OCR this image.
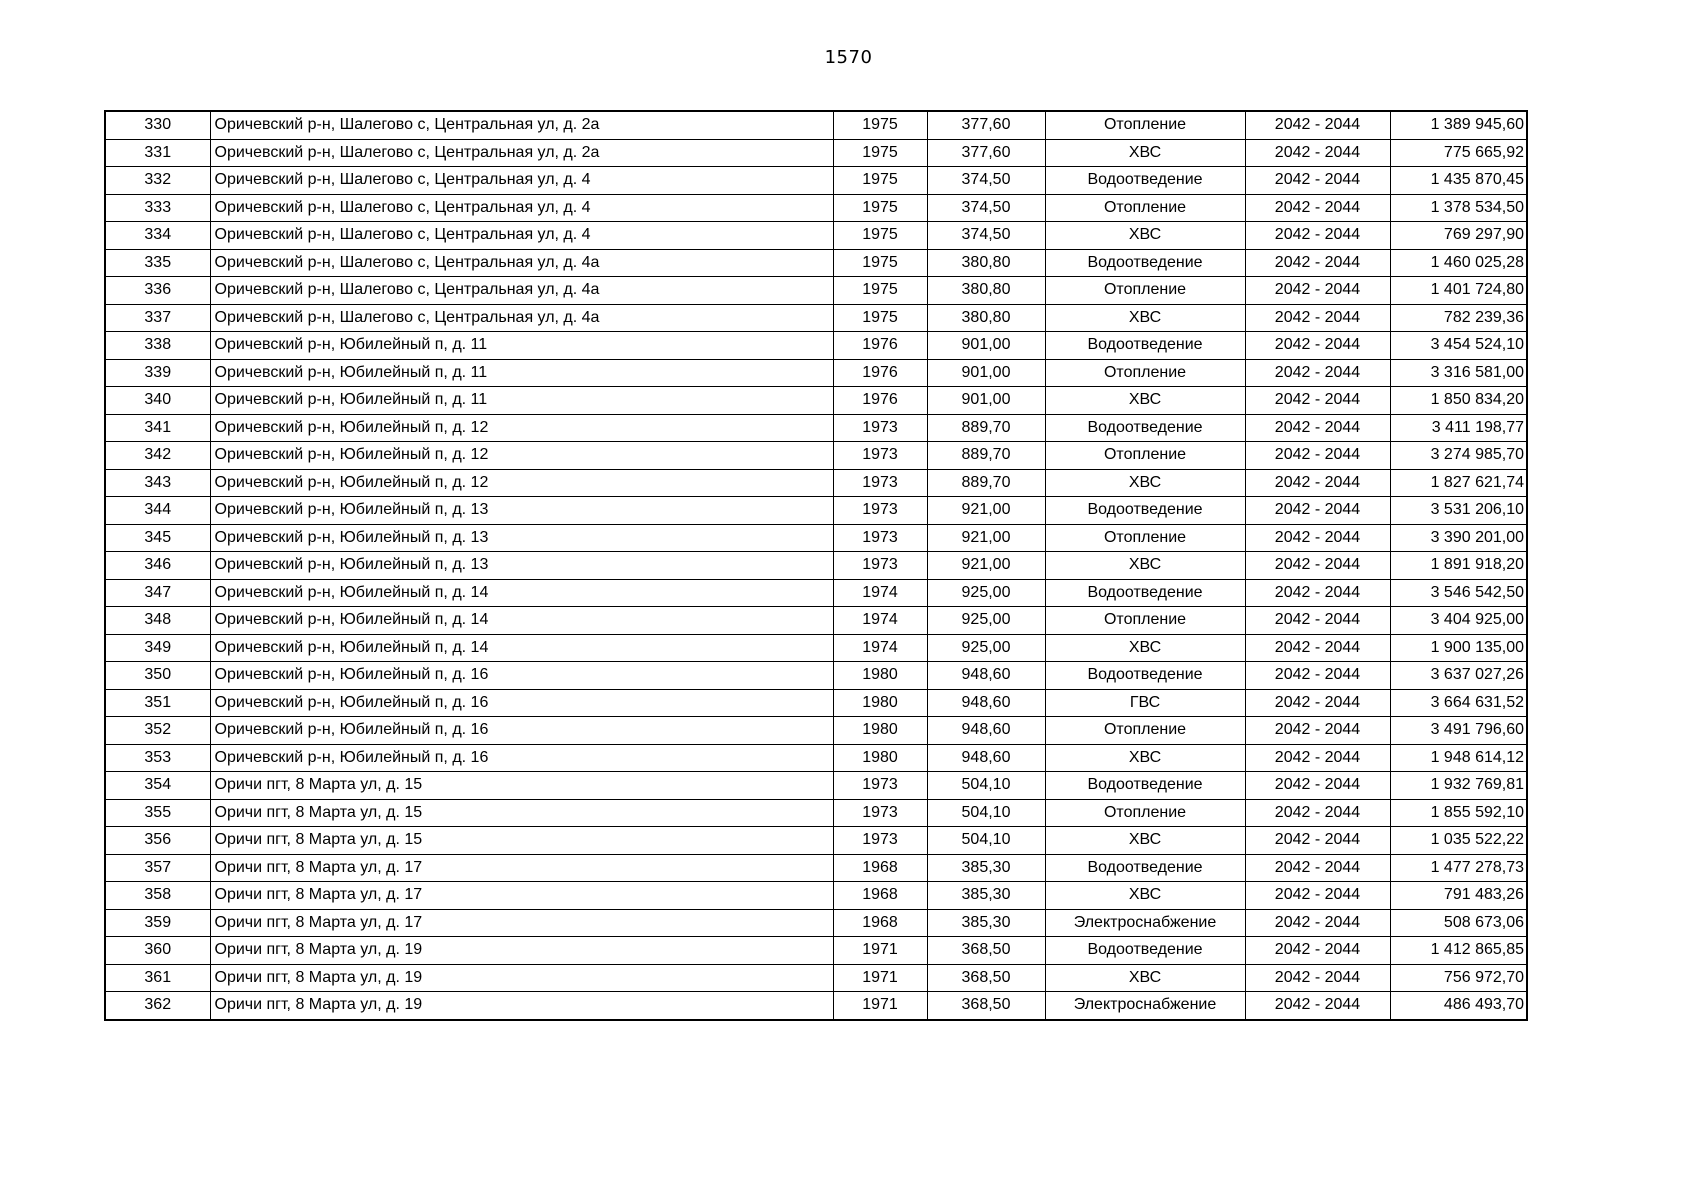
1570
330	Оричевский р-н, Шалегово с, Центральная ул, д. 2а	1975	377,60	Отопление	2042 - 2044	1 389 945,60
331	Оричевский р-н, Шалегово с, Центральная ул, д. 2а	1975	377,60	ХВС	2042 - 2044	775 665,92
332	Оричевский р-н, Шалегово с, Центральная ул, д. 4	1975	374,50	Водоотведение	2042 - 2044	1 435 870,45
333	Оричевский р-н, Шалегово с, Центральная ул, д. 4	1975	374,50	Отопление	2042 - 2044	1 378 534,50
334	Оричевский р-н, Шалегово с, Центральная ул, д. 4	1975	374,50	ХВС	2042 - 2044	769 297,90
335	Оричевский р-н, Шалегово с, Центральная ул, д. 4а	1975	380,80	Водоотведение	2042 - 2044	1 460 025,28
336	Оричевский р-н, Шалегово с, Центральная ул, д. 4а	1975	380,80	Отопление	2042 - 2044	1 401 724,80
337	Оричевский р-н, Шалегово с, Центральная ул, д. 4а	1975	380,80	ХВС	2042 - 2044	782 239,36
338	Оричевский р-н, Юбилейный п, д. 11	1976	901,00	Водоотведение	2042 - 2044	3 454 524,10
339	Оричевский р-н, Юбилейный п, д. 11	1976	901,00	Отопление	2042 - 2044	3 316 581,00
340	Оричевский р-н, Юбилейный п, д. 11	1976	901,00	ХВС	2042 - 2044	1 850 834,20
341	Оричевский р-н, Юбилейный п, д. 12	1973	889,70	Водоотведение	2042 - 2044	3 411 198,77
342	Оричевский р-н, Юбилейный п, д. 12	1973	889,70	Отопление	2042 - 2044	3 274 985,70
343	Оричевский р-н, Юбилейный п, д. 12	1973	889,70	ХВС	2042 - 2044	1 827 621,74
344	Оричевский р-н, Юбилейный п, д. 13	1973	921,00	Водоотведение	2042 - 2044	3 531 206,10
345	Оричевский р-н, Юбилейный п, д. 13	1973	921,00	Отопление	2042 - 2044	3 390 201,00
346	Оричевский р-н, Юбилейный п, д. 13	1973	921,00	ХВС	2042 - 2044	1 891 918,20
347	Оричевский р-н, Юбилейный п, д. 14	1974	925,00	Водоотведение	2042 - 2044	3 546 542,50
348	Оричевский р-н, Юбилейный п, д. 14	1974	925,00	Отопление	2042 - 2044	3 404 925,00
349	Оричевский р-н, Юбилейный п, д. 14	1974	925,00	ХВС	2042 - 2044	1 900 135,00
350	Оричевский р-н, Юбилейный п, д. 16	1980	948,60	Водоотведение	2042 - 2044	3 637 027,26
351	Оричевский р-н, Юбилейный п, д. 16	1980	948,60	ГВС	2042 - 2044	3 664 631,52
352	Оричевский р-н, Юбилейный п, д. 16	1980	948,60	Отопление	2042 - 2044	3 491 796,60
353	Оричевский р-н, Юбилейный п, д. 16	1980	948,60	ХВС	2042 - 2044	1 948 614,12
354	Оричи пгт, 8 Марта ул, д. 15	1973	504,10	Водоотведение	2042 - 2044	1 932 769,81
355	Оричи пгт, 8 Марта ул, д. 15	1973	504,10	Отопление	2042 - 2044	1 855 592,10
356	Оричи пгт, 8 Марта ул, д. 15	1973	504,10	ХВС	2042 - 2044	1 035 522,22
357	Оричи пгт, 8 Марта ул, д. 17	1968	385,30	Водоотведение	2042 - 2044	1 477 278,73
358	Оричи пгт, 8 Марта ул, д. 17	1968	385,30	ХВС	2042 - 2044	791 483,26
359	Оричи пгт, 8 Марта ул, д. 17	1968	385,30	Электроснабжение	2042 - 2044	508 673,06
360	Оричи пгт, 8 Марта ул, д. 19	1971	368,50	Водоотведение	2042 - 2044	1 412 865,85
361	Оричи пгт, 8 Марта ул, д. 19	1971	368,50	ХВС	2042 - 2044	756 972,70
362	Оричи пгт, 8 Марта ул, д. 19	1971	368,50	Электроснабжение	2042 - 2044	486 493,70
